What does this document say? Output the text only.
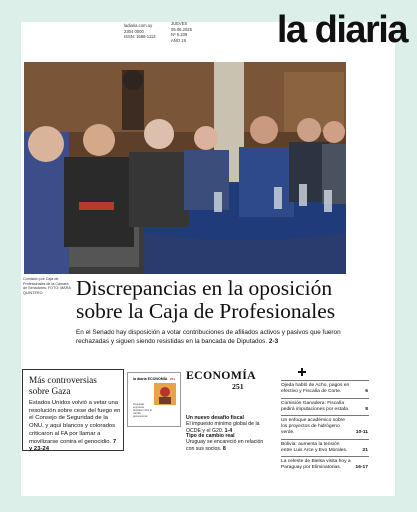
ladiaria.com.uy
2304 0000
ISSN: 1688-1113
JUEVES
05.06.2025
Nº 5.239
AÑO 19 la diaria
Comisión por Caja de Profesionales de la Cámara de Senadores. FOTO: MARA QUINTERO	Discrepancias en la oposición sobre la Caja de Profesionales
En el Senado hay disposición a votar contribuciones de afiliados activos y pasivos que fueron rechazadas y siguen siendo resistidas en la bancada de Diputados. 2-3
Más controversias sobre Gaza

Estados Unidos volvió a vetar una resolución sobre cese del fuego en el Consejo de Seguridad de la ONU, y aquí blancos y colorados criticaron al FA por llamar a movilizarse contra el genocidio. 7 y 23-24

la diaria ECONOMÍA 251
Pequeñas empresas familiares ante el cambio generacional
ECONOMÍA
251
Un nuevo desafío fiscal
El impuesto mínimo global de la OCDE y el G20. 1-4
Tipo de cambio real
Uruguay se encareció en relación con sus socios. 8
Ojeda habló de Acho, pagos en efectivo y Fiscalía de Corte.	6
Comisión Ganadera: Fiscalía pedirá imputaciones por estafa.	8
Un enfoque académico sobre los proyectos de hidrógeno verde.	10-11
Bolivia: aumenta la tensión entre Luis Arce y Evo Morales.	21
La celeste de Bielsa visita hoy a Paraguay por Eliminatorias.	16-17
